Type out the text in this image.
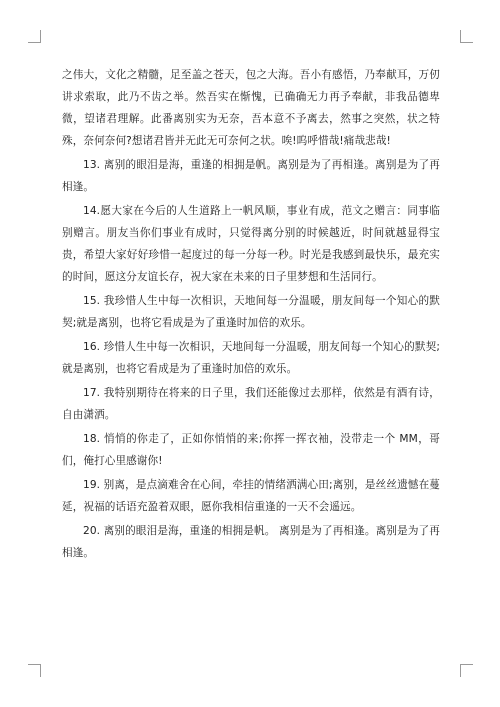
之伟大，文化之精髓，足至盖之苍天，包之大海。吾小有感悟，乃奉献耳，万仞讲求索取，此乃不齿之举。然吾实在惭愧，已确确无力再予奉献，非我品德卑微，望诸君理解。此番离别实为无奈，吾本意不予离去，然事之突然，状之特殊，奈何奈何?想诸君皆并无此无可奈何之状。唉!呜呼惜哉!痛哉悲哉!

13. 离别的眼泪是海，重逢的相拥是帆。离别是为了再相逢。离别是为了再相逢。

14.愿大家在今后的人生道路上一帆风顺，事业有成，范文之赠言：同事临别赠言。朋友当你们事业有成时，只觉得离分别的时候越近，时间就越显得宝贵，希望大家好好珍惜一起度过的每一分每一秒。时光是我感到最快乐，最充实的时间，愿这分友谊长存，祝大家在未来的日子里梦想和生活同行。

15. 我珍惜人生中每一次相识，天地间每一分温暖，朋友间每一个知心的默契;就是离别，也将它看成是为了重逢时加倍的欢乐。

16. 珍惜人生中每一次相识，天地间每一分温暖，朋友间每一个知心的默契;就是离别，也将它看成是为了重逢时加倍的欢乐。

17. 我特别期待在将来的日子里，我们还能像过去那样，依然是有酒有诗，自由潇洒。

18. 悄悄的你走了，正如你悄悄的来;你挥一挥衣袖，没带走一个 MM，哥们，俺打心里感谢你!

19. 别离，是点滴难舍在心间，牵挂的情绪洒满心田;离别，是丝丝遗憾在蔓延，祝福的话语充盈着双眼，愿你我相信重逢的一天不会遥远。

20. 离别的眼泪是海，重逢的相拥是帆。 离别是为了再相逢。离别是为了再相逢。
